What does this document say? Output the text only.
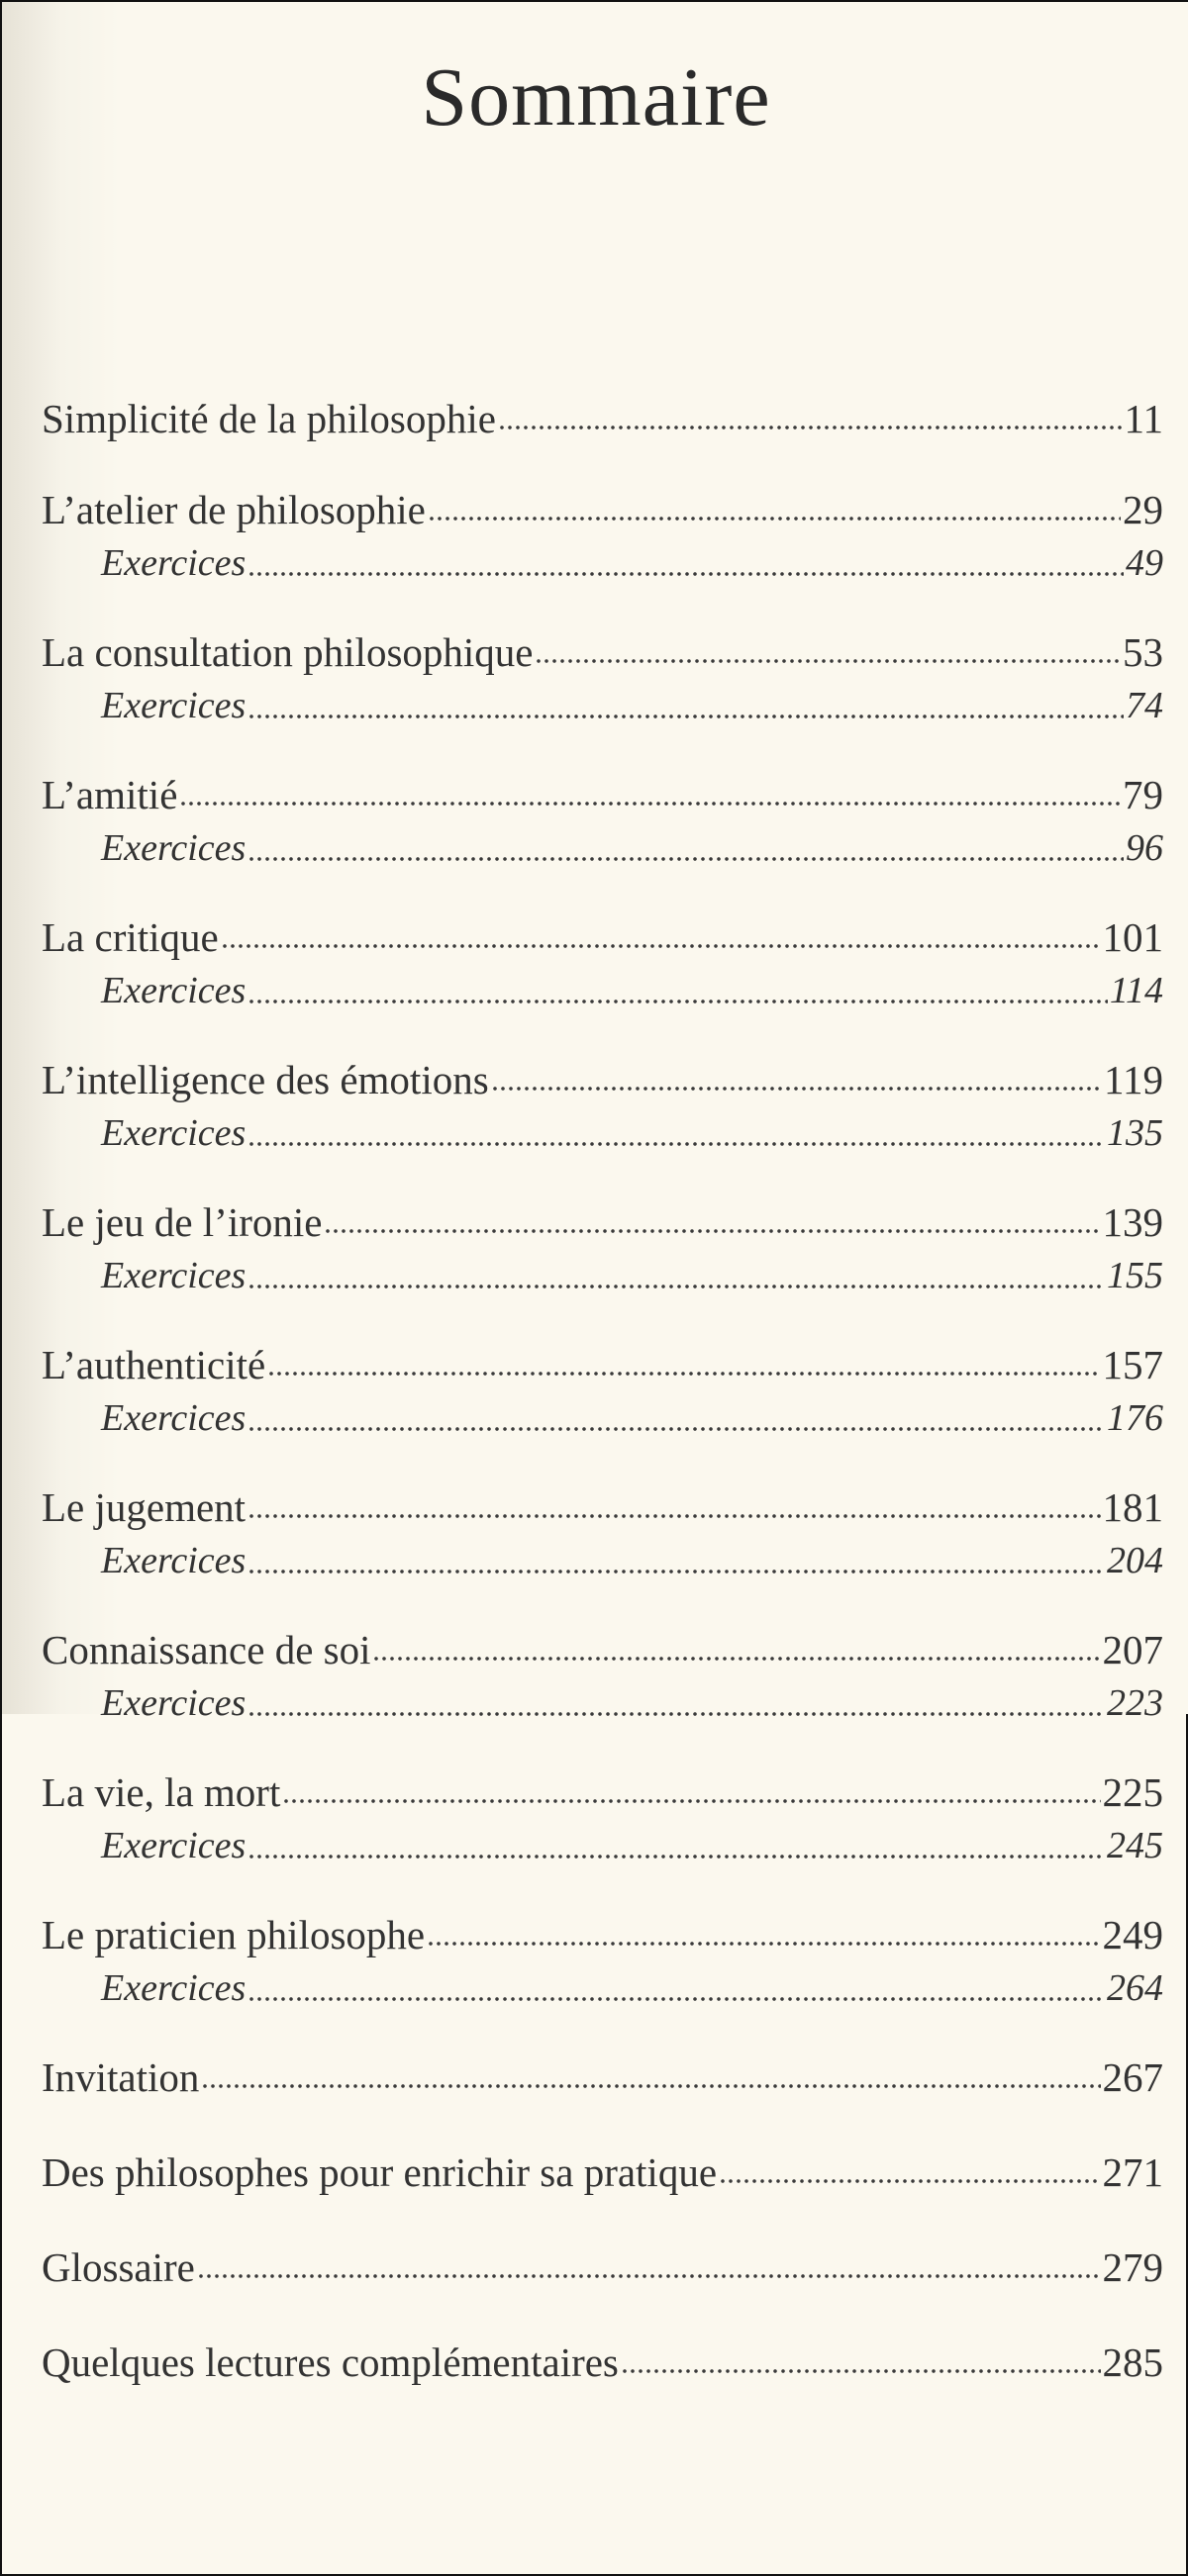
Sommaire
Simplicité de la philosophie	11
L’atelier de philosophie	29
Exercices	49
La consultation philosophique	53
Exercices	74
L’amitié	79
Exercices	96
La critique	101
Exercices	114
L’intelligence des émotions	119
Exercices	135
Le jeu de l’ironie	139
Exercices	155
L’authenticité	157
Exercices	176
Le jugement	181
Exercices	204
Connaissance de soi	207
Exercices	223
La vie, la mort	225
Exercices	245
Le praticien philosophe	249
Exercices	264
Invitation	267
Des philosophes pour enrichir sa pratique	271
Glossaire	279
Quelques lectures complémentaires	285
